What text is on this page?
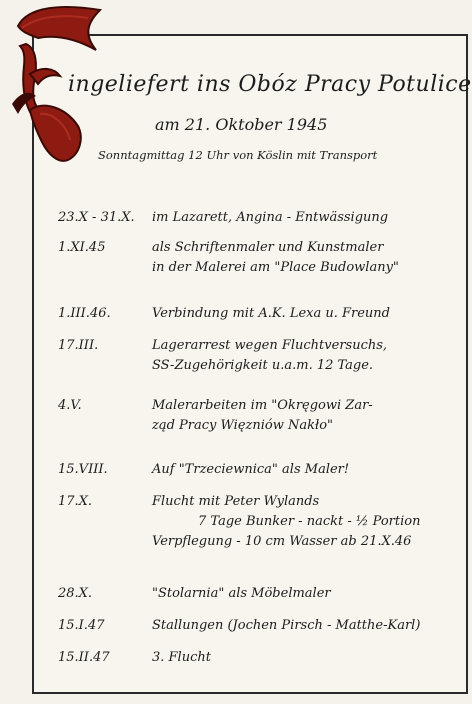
ingeliefert ins Obóz Pracy Potulice
am 21. Oktober 1945
Sonntagmittag 12 Uhr von Köslin mit Transport
23.X - 31.X. im Lazarett, Angina - Entwässigung
1.XI.45	als Schriftenmaler und Kunstmaler
in der Malerei am "Place Budowlany"
1.III.46.	Verbindung mit A.K. Lexa u. Freund
17.III.	Lagerarrest wegen Fluchtversuchs,
SS-Zugehörigkeit u.a.m. 12 Tage.
4.V.	Malerarbeiten im "Okręgowi Zar-
ząd Pracy Więzniów Nakło"
15.VIII.	Auf "Trzeciewnica" als Maler!
17.X.	Flucht mit Peter Wylands
7 Tage Bunker - nackt - ½ Portion
Verpflegung - 10 cm Wasser ab 21.X.46
28.X.	"Stolarnia" als Möbelmaler
15.I.47	Stallungen (Jochen Pirsch - Matthe-Karl)
15.II.47	3. Flucht
